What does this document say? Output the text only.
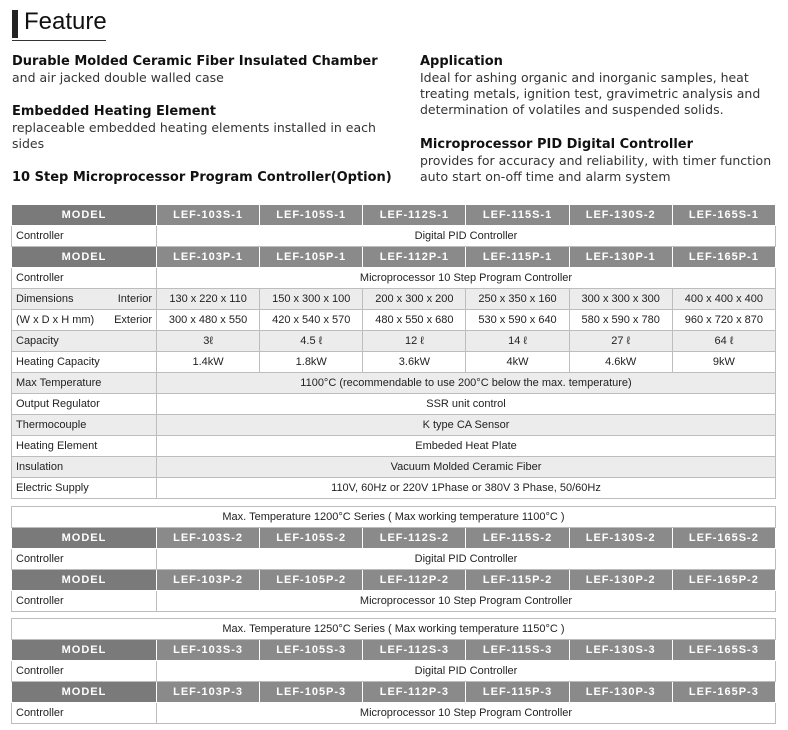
Feature
Durable Molded Ceramic Fiber Insulated Chamber
and air jacked double walled case
Embedded Heating Element
replaceable embedded heating elements installed in each
sides
10 Step Microprocessor Program Controller(Option)
Application
Ideal for ashing organic and inorganic samples, heat
treating metals, ignition test, gravimetric analysis and
determination of volatiles and suspended solids.
Microprocessor PID Digital Controller
provides for accuracy and reliability, with timer function
auto start on-off time and alarm system
MODEL	LEF-103S-1	LEF-105S-1	LEF-112S-1	LEF-115S-1	LEF-130S-2	LEF-165S-1
Controller	Digital PID Controller					
MODEL	LEF-103P-1	LEF-105P-1	LEF-112P-1	LEF-115P-1	LEF-130P-1	LEF-165P-1
Controller	Microprocessor 10 Step Program Controller					

Dimensions Interior	130 x 220 x 110	150 x 300 x 100	200 x 300 x 200	250 x 350 x 160	300 x 300 x 300	400 x 400 x 400

(W x D x H mm) Exterior	300 x 480 x 550	420 x 540 x 570	480 x 550 x 680	530 x 590 x 640	580 x 590 x 780	960 x 720 x 870
Capacity	3ℓ	4.5 ℓ	12 ℓ	14 ℓ	27 ℓ	64 ℓ
Heating Capacity	1.4kW	1.8kW	3.6kW	4kW	4.6kW	9kW
Max Temperature	1100°C (recommendable to use 200°C below the max. temperature)					
Output Regulator	SSR unit control					
Thermocouple	K type CA Sensor					
Heating Element	Embeded Heat Plate					
Insulation	Vacuum Molded Ceramic Fiber					
Electric Supply	110V, 60Hz or 220V 1Phase or 380V 3 Phase, 50/60Hz					
Max. Temperature 1200°C Series ( Max working temperature 1100°C )						
MODEL	LEF-103S-2	LEF-105S-2	LEF-112S-2	LEF-115S-2	LEF-130S-2	LEF-165S-2
Controller	Digital PID Controller					
MODEL	LEF-103P-2	LEF-105P-2	LEF-112P-2	LEF-115P-2	LEF-130P-2	LEF-165P-2
Controller	Microprocessor 10 Step Program Controller					
Max. Temperature 1250°C Series ( Max working temperature 1150°C )						
MODEL	LEF-103S-3	LEF-105S-3	LEF-112S-3	LEF-115S-3	LEF-130S-3	LEF-165S-3
Controller	Digital PID Controller					
MODEL	LEF-103P-3	LEF-105P-3	LEF-112P-3	LEF-115P-3	LEF-130P-3	LEF-165P-3
Controller	Microprocessor 10 Step Program Controller					
